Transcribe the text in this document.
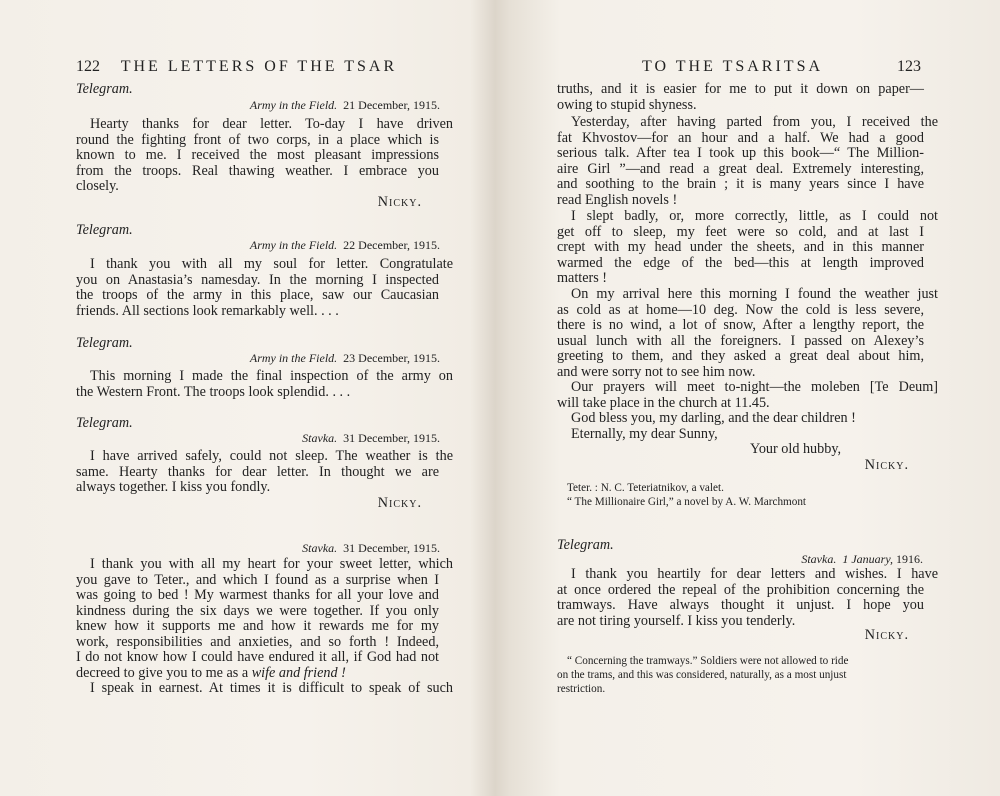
122 THE LETTERS OF THE TSAR
Telegram.
Army in the Field. 21 December, 1915.
Hearty thanks for dear letter. To-day I have driven
round the fighting front of two corps, in a place which is
known to me. I received the most pleasant impressions
from the troops. Real thawing weather. I embrace you
closely.
Nicky.
Telegram.
Army in the Field. 22 December, 1915.
I thank you with all my soul for letter. Congratulate
you on Anastasia’s namesday. In the morning I inspected
the troops of the army in this place, saw our Caucasian
friends. All sections look remarkably well. . . .
Telegram.
Army in the Field. 23 December, 1915.
This morning I made the final inspection of the army on
the Western Front. The troops look splendid. . . .
Telegram.
Stavka. 31 December, 1915.
I have arrived safely, could not sleep. The weather is the
same. Hearty thanks for dear letter. In thought we are
always together. I kiss you fondly.
Nicky.
Stavka. 31 December, 1915.
I thank you with all my heart for your sweet letter, which
you gave to Teter., and which I found as a surprise when I
was going to bed ! My warmest thanks for all your love and
kindness during the six days we were together. If you only
knew how it supports me and how it rewards me for my
work, responsibilities and anxieties, and so forth ! Indeed,
I do not know how I could have endured it all, if God had not
decreed to give you to me as a wife and friend !
I speak in earnest. At times it is difficult to speak of such
TO THE TSARITSA	123
truths, and it is easier for me to put it down on paper—
owing to stupid shyness.
Yesterday, after having parted from you, I received the
fat Khvostov—for an hour and a half. We had a good
serious talk. After tea I took up this book—“ The Million-
aire Girl ”—and read a great deal. Extremely interesting,
and soothing to the brain ; it is many years since I have
read English novels !
I slept badly, or, more correctly, little, as I could not
get off to sleep, my feet were so cold, and at last I
crept with my head under the sheets, and in this manner
warmed the edge of the bed—this at length improved
matters !
On my arrival here this morning I found the weather just
as cold as at home—10 deg. Now the cold is less severe,
there is no wind, a lot of snow, After a lengthy report, the
usual lunch with all the foreigners. I passed on Alexey’s
greeting to them, and they asked a great deal about him,
and were sorry not to see him now.
Our prayers will meet to-night—the moleben [Te Deum]
will take place in the church at 11.45.
God bless you, my darling, and the dear children !
Eternally, my dear Sunny,
Your old hubby,
Nicky.
Teter. : N. C. Teteriatnikov, a valet.
“ The Millionaire Girl,” a novel by A. W. Marchmont
Telegram.
Stavka. 1 January, 1916.
I thank you heartily for dear letters and wishes. I have
at once ordered the repeal of the prohibition concerning the
tramways. Have always thought it unjust. I hope you
are not tiring yourself. I kiss you tenderly.
Nicky.
“ Concerning the tramways.” Soldiers were not allowed to ride
on the trams, and this was considered, naturally, as a most unjust
restriction.
